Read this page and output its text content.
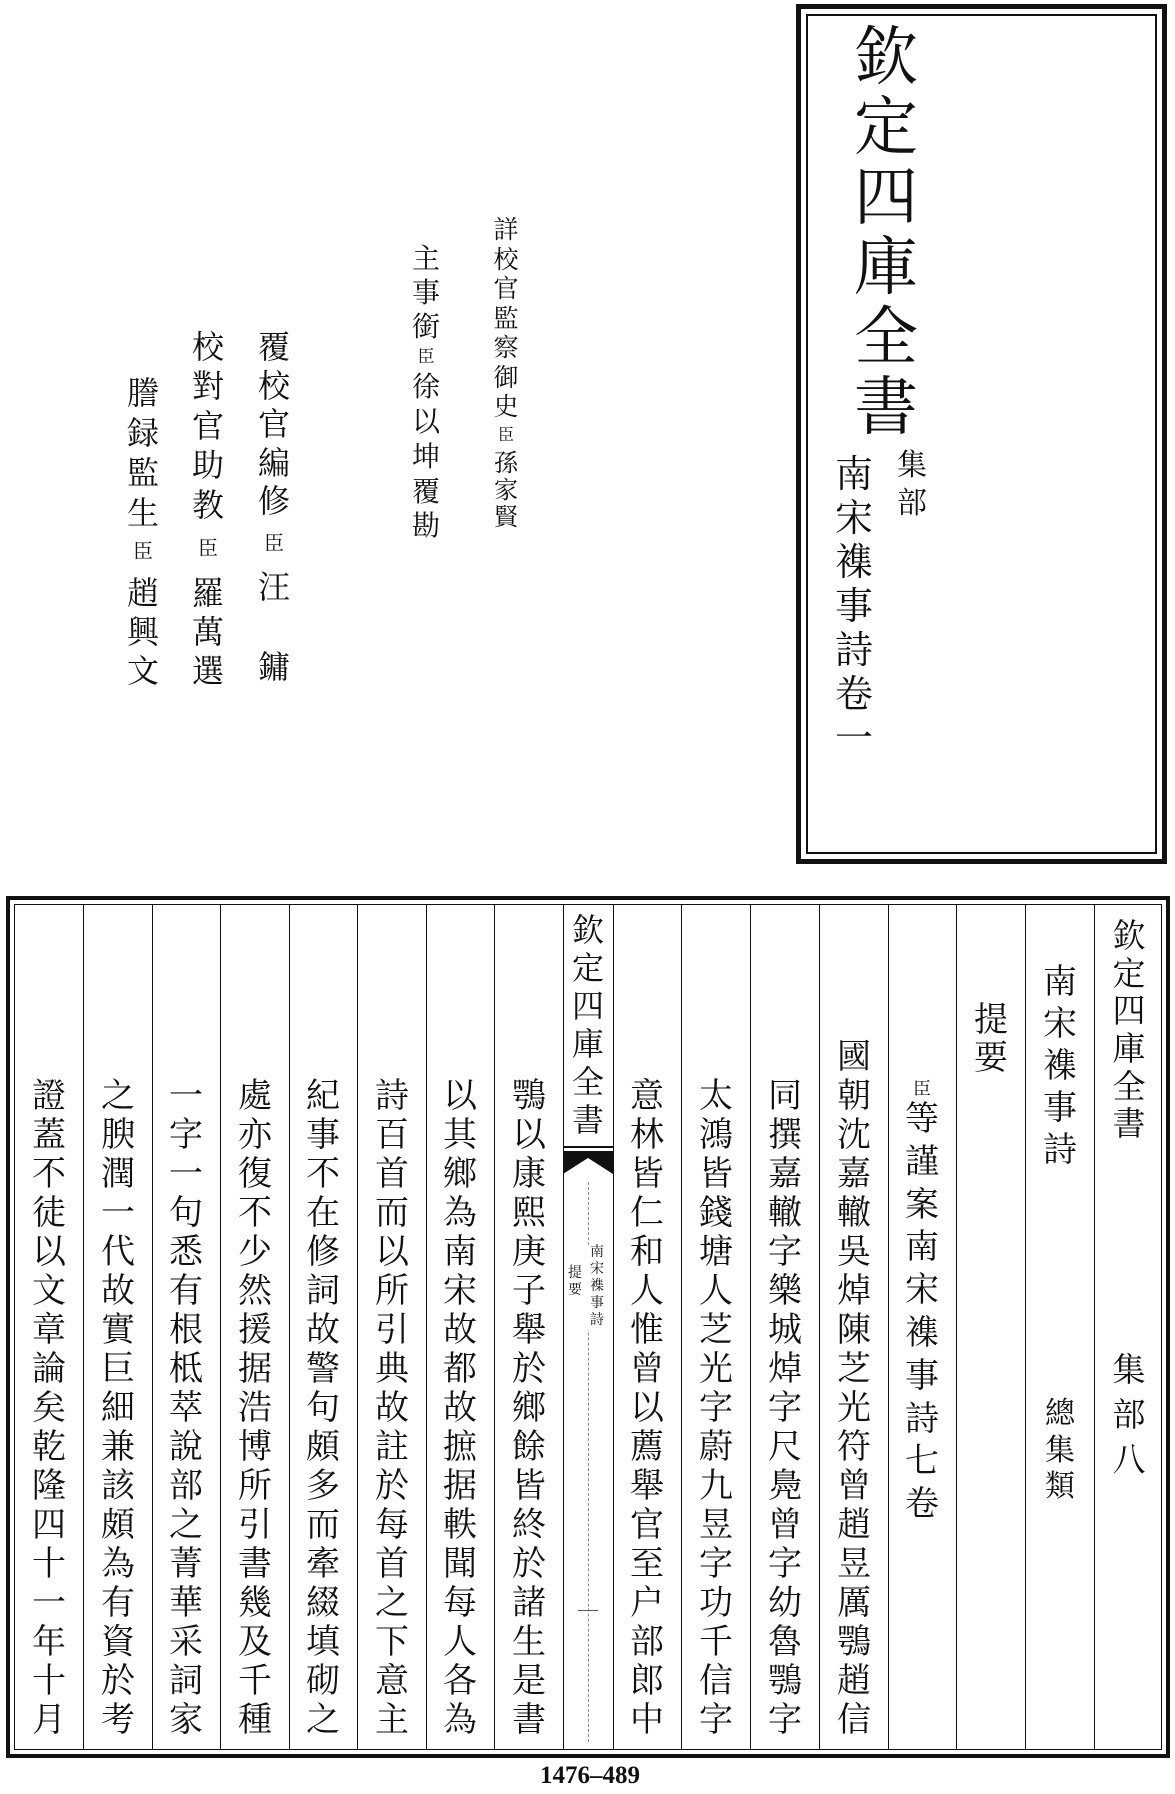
欽
定
四
庫
全
書
集
部
南
宋
襍
事
詩
卷
一
詳
校
官
監
察
御
史
臣
孫
家
賢
主
事
銜
臣
徐
以
坤
覆
勘
覆
校
官
編
修
臣
汪
鏞
校
對
官
助
教
臣
羅
萬
選
謄
録
監
生
臣
趙
興
文
欽
定
四
庫
全
書
集
部
八
南
宋
襍
事
詩
總
集
類
提
要
臣
等
謹
案
南
宋
襍
事
詩
七
卷
國
朝
沈
嘉
轍
吳
焯
陳
芝
光
符
曾
趙
昱
厲
鶚
趙
信
同
撰
嘉
轍
字
樂
城
焯
字
尺
鳧
曾
字
幼
魯
鶚
字
太
鴻
皆
錢
塘
人
芝
光
字
蔚
九
昱
字
功
千
信
字
意
林
皆
仁
和
人
惟
曾
以
薦
舉
官
至
户
部
郎
中
欽
定
四
庫
全
書
南
宋
襍
事
詩
提
要
鶚
以
康
熙
庚
子
舉
於
鄉
餘
皆
終
於
諸
生
是
書
以
其
鄉
為
南
宋
故
都
故
摭
据
軼
聞
每
人
各
為
詩
百
首
而
以
所
引
典
故
註
於
每
首
之
下
意
主
紀
事
不
在
修
詞
故
警
句
頗
多
而
牽
綴
填
砌
之
處
亦
復
不
少
然
援
据
浩
博
所
引
書
幾
及
千
種
一
字
一
句
悉
有
根
柢
萃
說
部
之
菁
華
采
詞
家
之
腴
潤
一
代
故
實
巨
細
兼
該
頗
為
有
資
於
考
證
蓋
不
徒
以
文
章
論
矣
乾
隆
四
十
一
年
十
月
1476–489
